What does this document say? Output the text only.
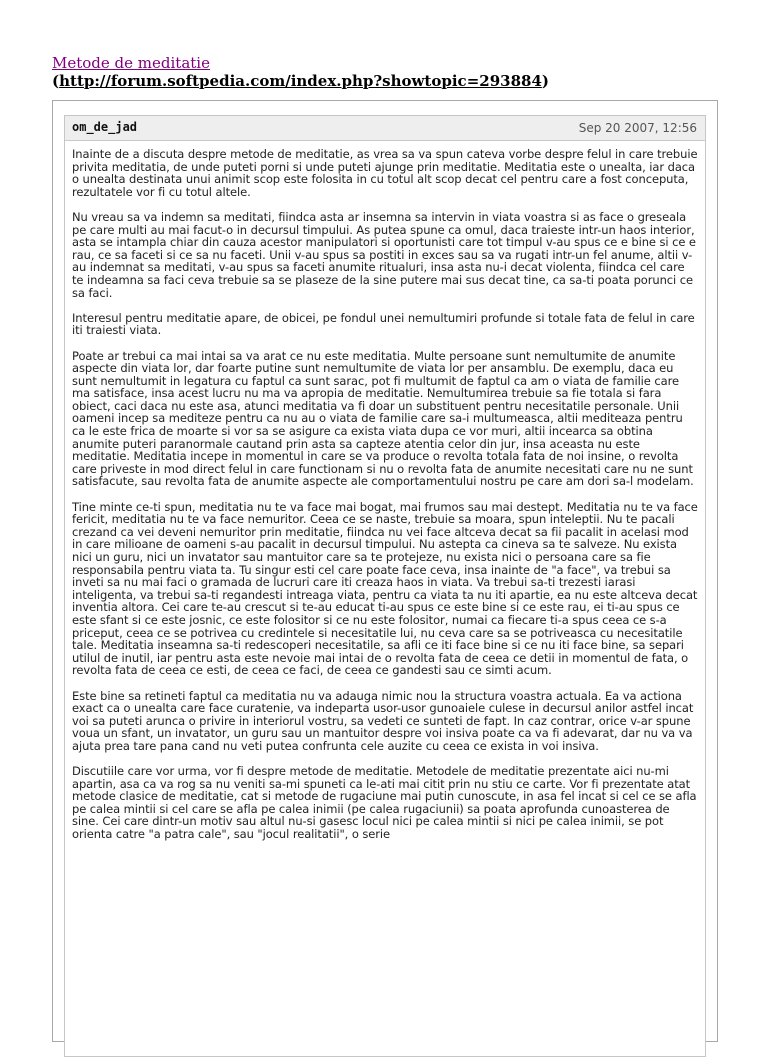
Metode de meditatie
(http://forum.softpedia.com/index.php?showtopic=293884)
om_de_jad	Sep 20 2007, 12:56

Inainte de a discuta despre metode de meditatie, as vrea sa va spun cateva vorbe despre felul in care trebuie privita meditatia, de unde puteti porni si unde puteti ajunge prin meditatie. Meditatia este o unealta, iar daca o unealta destinata unui animit scop este folosita in cu totul alt scop decat cel pentru care a fost conceputa, rezultatele vor fi cu totul altele.

Nu vreau sa va indemn sa meditati, fiindca asta ar insemna sa intervin in viata voastra si as face o greseala pe care multi au mai facut-o in decursul timpului. As putea spune ca omul, daca traieste intr-un haos interior, asta se intampla chiar din cauza acestor manipulatori si oportunisti care tot timpul v-au spus ce e bine si ce e rau, ce sa faceti si ce sa nu faceti. Unii v-au spus sa postiti in exces sau sa va rugati intr-un fel anume, altii v-au indemnat sa meditati, v-au spus sa faceti anumite ritualuri, insa asta nu-i decat violenta, fiindca cel care te indeamna sa faci ceva trebuie sa se plaseze de la sine putere mai sus decat tine, ca sa-ti poata porunci ce sa faci.

Interesul pentru meditatie apare, de obicei, pe fondul unei nemultumiri profunde si totale fata de felul in care iti traiesti viata.

Poate ar trebui ca mai intai sa va arat ce nu este meditatia. Multe persoane sunt nemultumite de anumite aspecte din viata lor, dar foarte putine sunt nemultumite de viata lor per ansamblu. De exemplu, daca eu sunt nemultumit in legatura cu faptul ca sunt sarac, pot fi multumit de faptul ca am o viata de familie care ma satisface, insa acest lucru nu ma va apropia de meditatie. Nemultumirea trebuie sa fie totala si fara obiect, caci daca nu este asa, atunci meditatia va fi doar un substituent pentru necesitatile personale. Unii oameni incep sa mediteze pentru ca nu au o viata de familie care sa-i multumeasca, altii mediteaza pentru ca le este frica de moarte si vor sa se asigure ca exista viata dupa ce vor muri, altii incearca sa obtina anumite puteri paranormale cautand prin asta sa capteze atentia celor din jur, insa aceasta nu este meditatie. Meditatia incepe in momentul in care se va produce o revolta totala fata de noi insine, o revolta care priveste in mod direct felul in care functionam si nu o revolta fata de anumite necesitati care nu ne sunt satisfacute, sau revolta fata de anumite aspecte ale comportamentului nostru pe care am dori sa-l modelam.

Tine minte ce-ti spun, meditatia nu te va face mai bogat, mai frumos sau mai destept. Meditatia nu te va face fericit, meditatia nu te va face nemuritor. Ceea ce se naste, trebuie sa moara, spun inteleptii. Nu te pacali crezand ca vei deveni nemuritor prin meditatie, fiindca nu vei face altceva decat sa fii pacalit in acelasi mod in care milioane de oameni s-au pacalit in decursul timpului. Nu astepta ca cineva sa te salveze. Nu exista nici un guru, nici un invatator sau mantuitor care sa te protejeze, nu exista nici o persoana care sa fie responsabila pentru viata ta. Tu singur esti cel care poate face ceva, insa inainte de "a face", va trebui sa inveti sa nu mai faci o gramada de lucruri care iti creaza haos in viata. Va trebui sa-ti trezesti iarasi inteligenta, va trebui sa-ti regandesti intreaga viata, pentru ca viata ta nu iti apartie, ea nu este altceva decat inventia altora. Cei care te-au crescut si te-au educat ti-au spus ce este bine si ce este rau, ei ti-au spus ce este sfant si ce este josnic, ce este folositor si ce nu este folositor, numai ca fiecare ti-a spus ceea ce s-a priceput, ceea ce se potrivea cu credintele si necesitatile lui, nu ceva care sa se potriveasca cu necesitatile tale. Meditatia inseamna sa-ti redescoperi necesitatile, sa afli ce iti face bine si ce nu iti face bine, sa separi utilul de inutil, iar pentru asta este nevoie mai intai de o revolta fata de ceea ce detii in momentul de fata, o revolta fata de ceea ce esti, de ceea ce faci, de ceea ce gandesti sau ce simti acum.

Este bine sa retineti faptul ca meditatia nu va adauga nimic nou la structura voastra actuala. Ea va actiona exact ca o unealta care face curatenie, va indeparta usor-usor gunoaiele culese in decursul anilor astfel incat voi sa puteti arunca o privire in interiorul vostru, sa vedeti ce sunteti de fapt. In caz contrar, orice v-ar spune voua un sfant, un invatator, un guru sau un mantuitor despre voi insiva poate ca va fi adevarat, dar nu va va ajuta prea tare pana cand nu veti putea confrunta cele auzite cu ceea ce exista in voi insiva.

Discutiile care vor urma, vor fi despre metode de meditatie. Metodele de meditatie prezentate aici nu-mi apartin, asa ca va rog sa nu veniti sa-mi spuneti ca le-ati mai citit prin nu stiu ce carte. Vor fi prezentate atat metode clasice de meditatie, cat si metode de rugaciune mai putin cunoscute, in asa fel incat si cel ce se afla pe calea mintii si cel care se afla pe calea inimii (pe calea rugaciunii) sa poata aprofunda cunoasterea de sine. Cei care dintr-un motiv sau altul nu-si gasesc locul nici pe calea mintii si nici pe calea inimii, se pot orienta catre "a patra cale", sau "jocul realitatii", o serie
